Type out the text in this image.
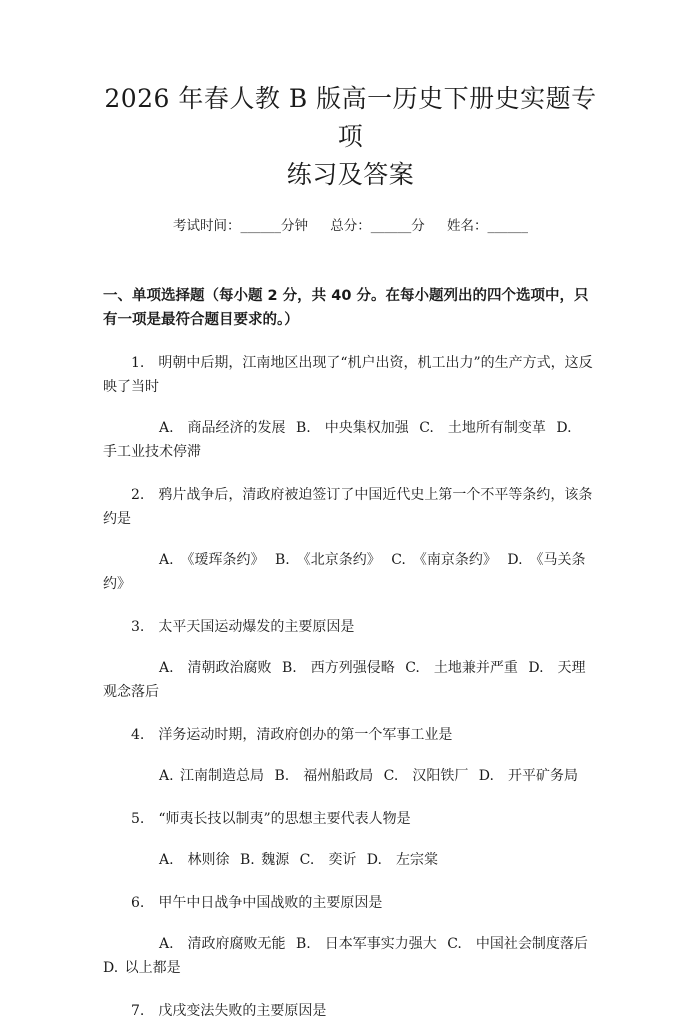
2026 年春人教 B 版高一历史下册史实题专项
练习及答案
考试时间：______分钟 总分：______分 姓名：______
一、单项选择题（每小题 2 分，共 40 分。在每小题列出的四个选项中，只有一项是最符合题目要求的。）
1. 明朝中后期，江南地区出现了“机户出资，机工出力”的生产方式，这反映了当时
A.　商品经济的发展 B.　中央集权加强 C.　土地所有制变革 D.　手工业技术停滞
2. 鸦片战争后，清政府被迫签订了中国近代史上第一个不平等条约，该条约是
A.　《瑷珲条约》 B.　《北京条约》 C.　《南京条约》 D.　《马关条约》
3. 太平天国运动爆发的主要原因是
A.　清朝政治腐败 B.　西方列强侵略 C.　土地兼并严重 D.　天理观念落后
4. 洋务运动时期，清政府创办的第一个军事工业是
A. 江南制造总局 B.　福州船政局 C.　汉阳铁厂 D.　开平矿务局
5. “师夷长技以制夷”的思想主要代表人物是
A.　林则徐 B. 魏源 C.　奕䜣 D.　左宗棠
6. 甲午中日战争中国战败的主要原因是
A.　清政府腐败无能 B.　日本军事实力强大 C.　中国社会制度落后 D. 以上都是
7. 戊戌变法失败的主要原因是
